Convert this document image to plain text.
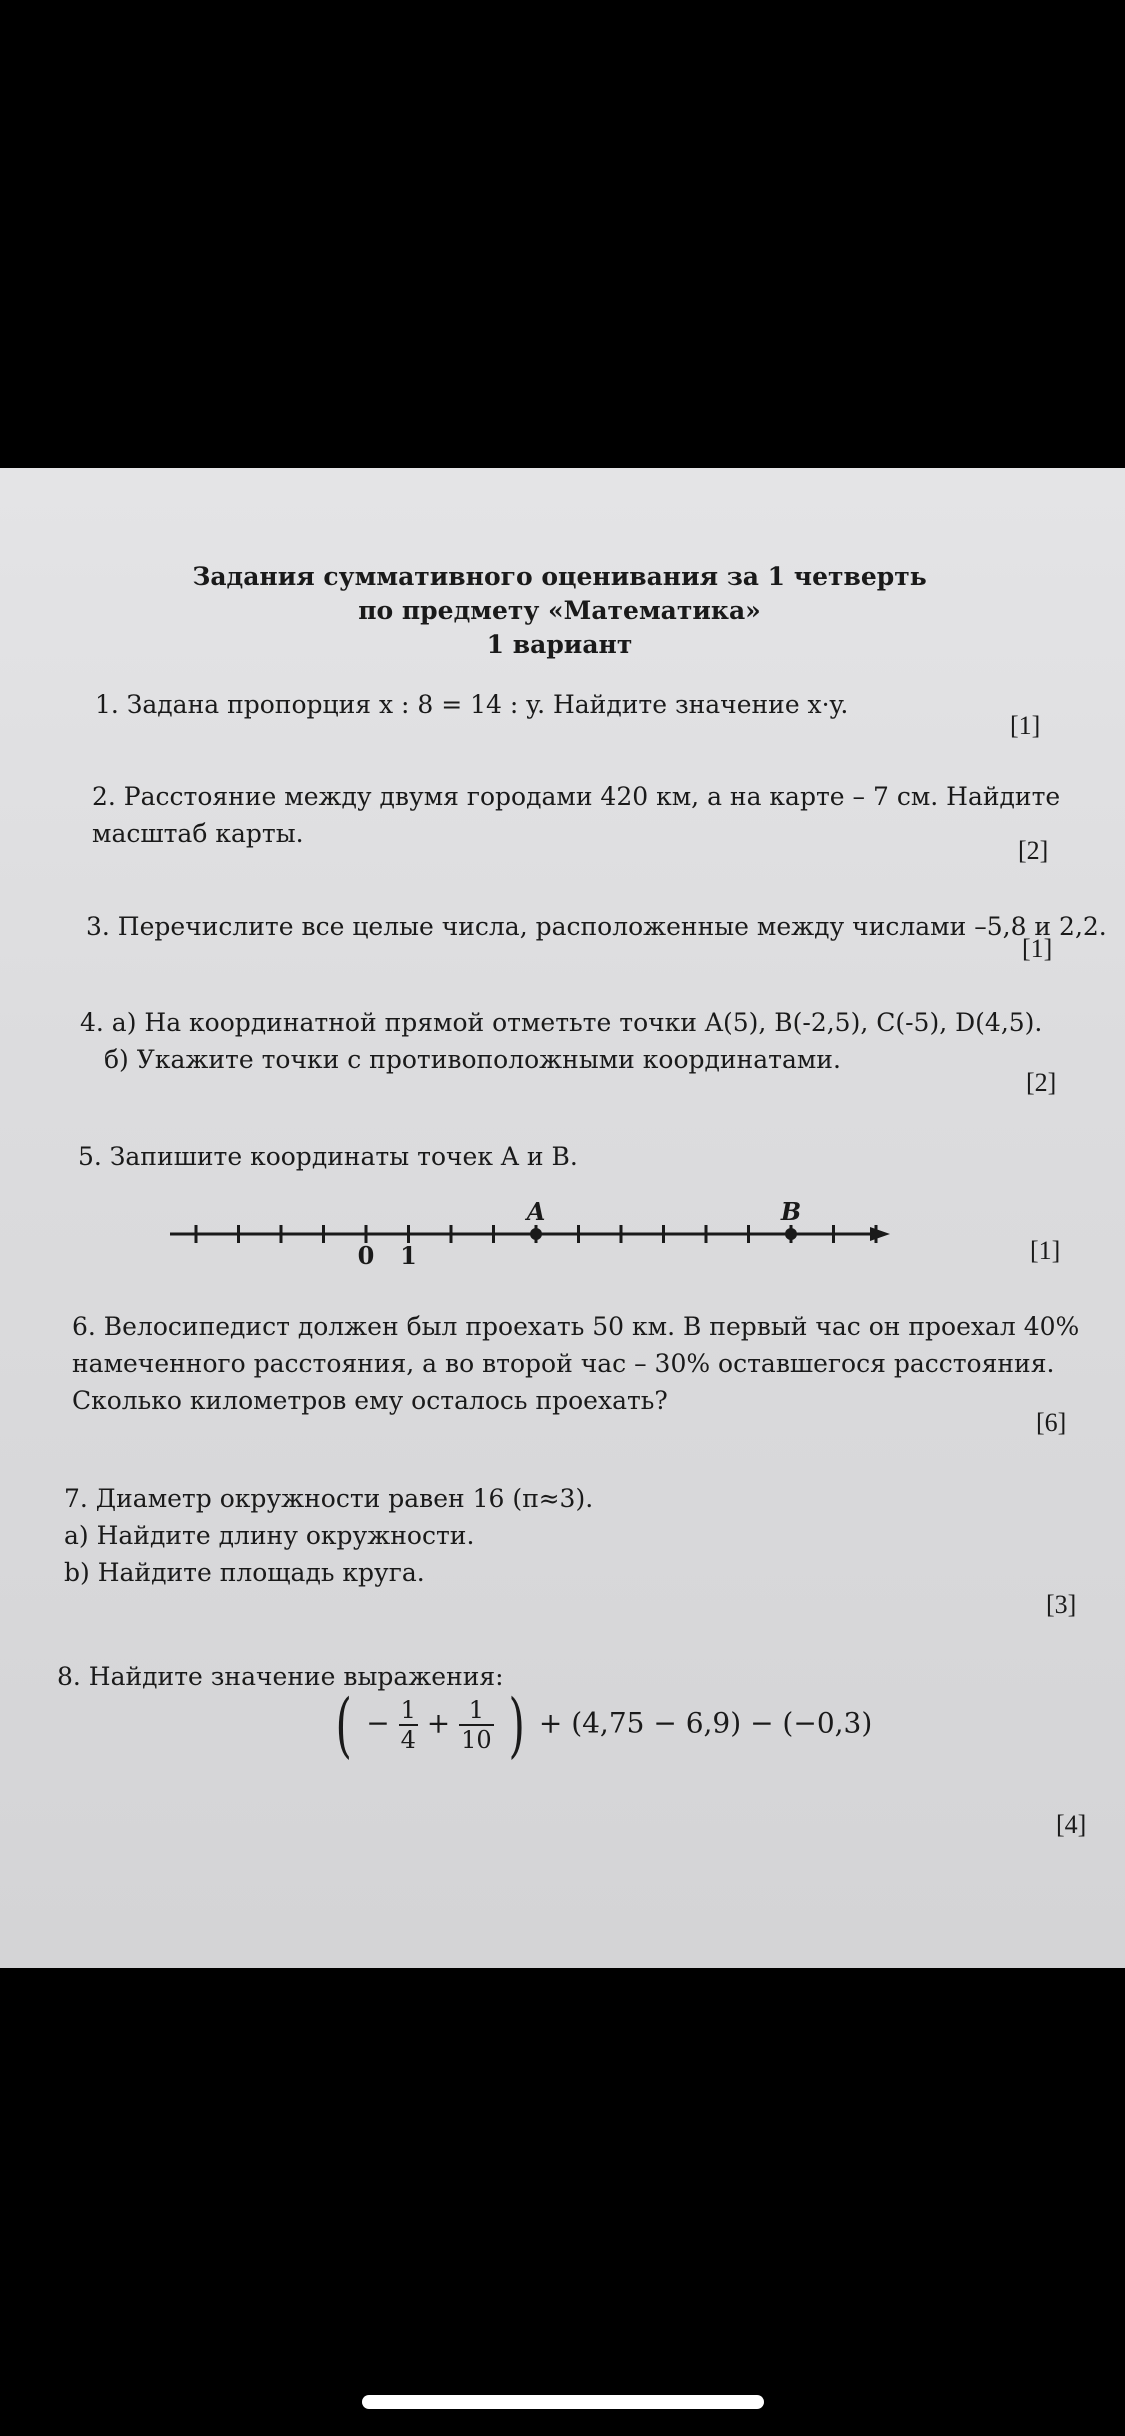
Задания суммативного оценивания за 1 четверть
по предмету «Математика»
1 вариант
1. Задана пропорция x : 8 = 14 : y. Найдите значение x·y.
[1]
2. Расстояние между двумя городами 420 км, а на карте – 7 см. Найдите
масштаб карты.
[2]
3. Перечислите все целые числа, расположенные между числами –5,8 и 2,2.
[1]
4. а) На координатной прямой отметьте точки A(5), B(-2,5), C(-5), D(4,5).
б) Укажите точки с противоположными координатами.
[2]
5. Запишите координаты точек A и B.
A	B
0 1	[1]
6. Велосипедист должен был проехать 50 км. В первый час он проехал 40%
намеченного расстояния, а во второй час – 30% оставшегося расстояния.
Сколько километров ему осталось проехать?
[6]
7. Диаметр окружности равен 16 (π≈3).
a) Найдите длину окружности.
b) Найдите площадь круга.
[3]
8. Найдите значение выражения:
( − $\frac{1}{4} + \frac{1}{10}$ ) + (4,75 − 6,9) − (−0,3)
[4]
